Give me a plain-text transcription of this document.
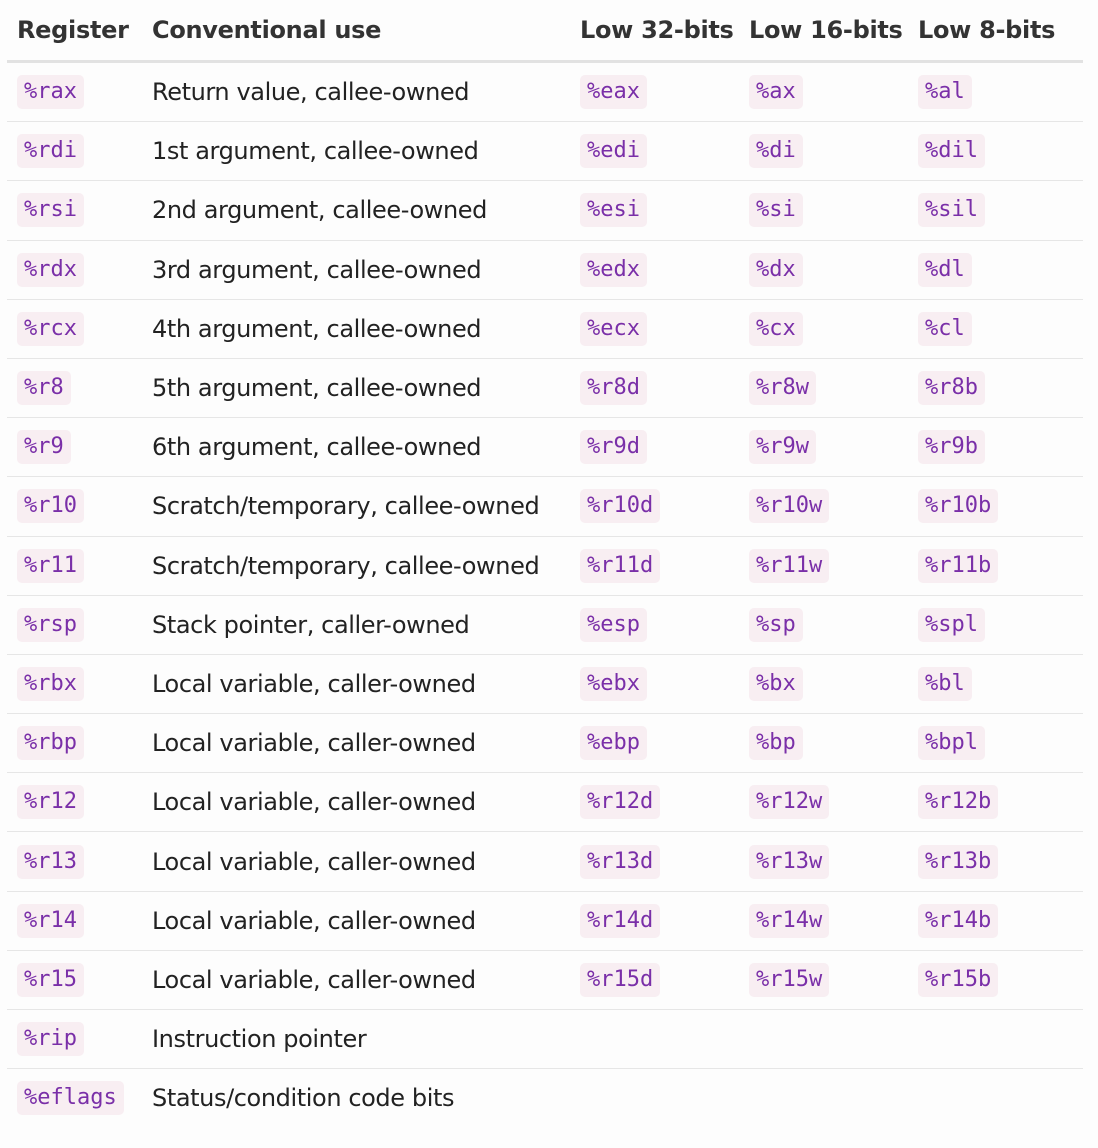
Register	Conventional use	Low 32-bits	Low 16-bits	Low 8-bits
%rax	Return value, callee-owned	%eax	%ax	%al
%rdi	1st argument, callee-owned	%edi	%di	%dil
%rsi	2nd argument, callee-owned	%esi	%si	%sil
%rdx	3rd argument, callee-owned	%edx	%dx	%dl
%rcx	4th argument, callee-owned	%ecx	%cx	%cl
%r8	5th argument, callee-owned	%r8d	%r8w	%r8b
%r9	6th argument, callee-owned	%r9d	%r9w	%r9b
%r10	Scratch/temporary, callee-owned	%r10d	%r10w	%r10b
%r11	Scratch/temporary, callee-owned	%r11d	%r11w	%r11b
%rsp	Stack pointer, caller-owned	%esp	%sp	%spl
%rbx	Local variable, caller-owned	%ebx	%bx	%bl
%rbp	Local variable, caller-owned	%ebp	%bp	%bpl
%r12	Local variable, caller-owned	%r12d	%r12w	%r12b
%r13	Local variable, caller-owned	%r13d	%r13w	%r13b
%r14	Local variable, caller-owned	%r14d	%r14w	%r14b
%r15	Local variable, caller-owned	%r15d	%r15w	%r15b
%rip	Instruction pointer			
%eflags	Status/condition code bits			
